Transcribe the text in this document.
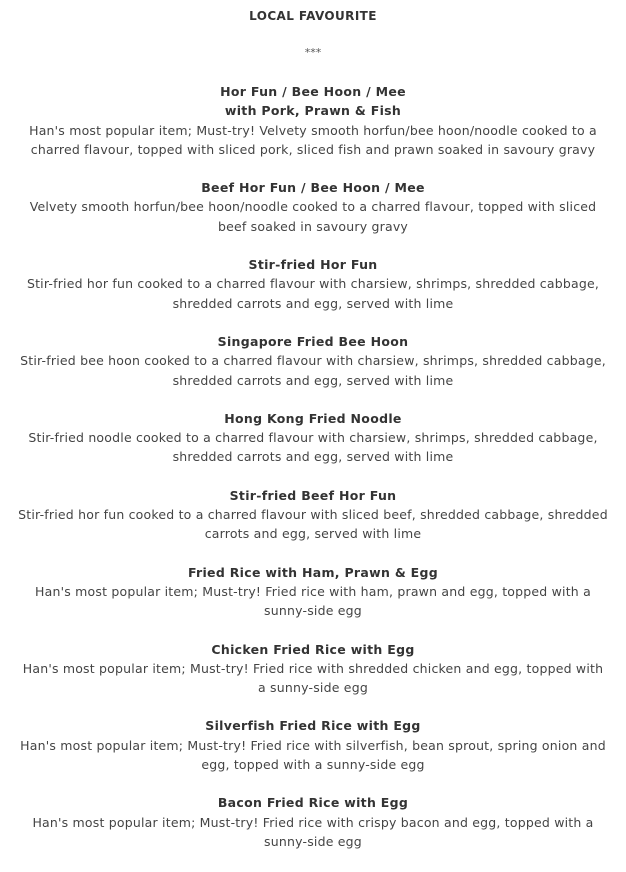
LOCAL FAVOURITE
***
Hor Fun / Bee Hoon / Mee
with Pork, Prawn & Fish
Han's most popular item; Must-try! Velvety smooth horfun/bee hoon/noodle cooked to a charred flavour, topped with sliced pork, sliced fish and prawn soaked in savoury gravy
Beef Hor Fun / Bee Hoon / Mee
Velvety smooth horfun/bee hoon/noodle cooked to a charred flavour, topped with sliced beef soaked in savoury gravy
Stir-fried Hor Fun
Stir-fried hor fun cooked to a charred flavour with charsiew, shrimps, shredded cabbage, shredded carrots and egg, served with lime
Singapore Fried Bee Hoon
Stir-fried bee hoon cooked to a charred flavour with charsiew, shrimps, shredded cabbage, shredded carrots and egg, served with lime
Hong Kong Fried Noodle
Stir-fried noodle cooked to a charred flavour with charsiew, shrimps, shredded cabbage, shredded carrots and egg, served with lime
Stir-fried Beef Hor Fun
Stir-fried hor fun cooked to a charred flavour with sliced beef, shredded cabbage, shredded carrots and egg, served with lime
Fried Rice with Ham, Prawn & Egg
Han's most popular item; Must-try! Fried rice with ham, prawn and egg, topped with a sunny-side egg
Chicken Fried Rice with Egg
Han's most popular item; Must-try! Fried rice with shredded chicken and egg, topped with a sunny-side egg
Silverfish Fried Rice with Egg
Han's most popular item; Must-try! Fried rice with silverfish, bean sprout, spring onion and egg, topped with a sunny-side egg
Bacon Fried Rice with Egg
Han's most popular item; Must-try! Fried rice with crispy bacon and egg, topped with a sunny-side egg
